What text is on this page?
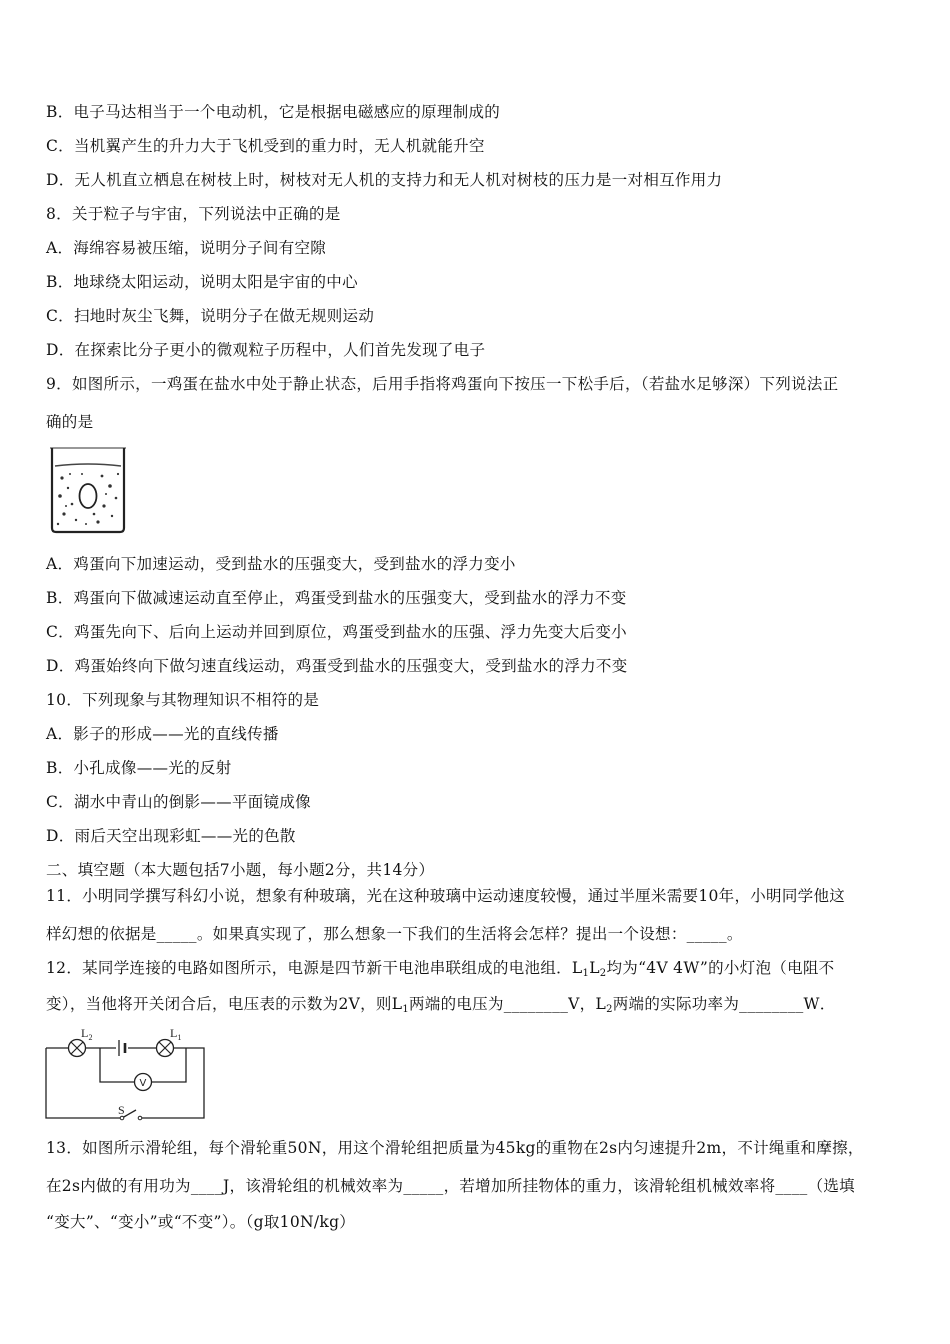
B．电子马达相当于一个电动机，它是根据电磁感应的原理制成的
C．当机翼产生的升力大于飞机受到的重力时，无人机就能升空
D．无人机直立栖息在树枝上时，树枝对无人机的支持力和无人机对树枝的压力是一对相互作用力
8．关于粒子与宇宙，下列说法中正确的是
A．海绵容易被压缩，说明分子间有空隙
B．地球绕太阳运动，说明太阳是宇宙的中心
C．扫地时灰尘飞舞，说明分子在做无规则运动
D．在探索比分子更小的微观粒子历程中，人们首先发现了电子
9．如图所示，一鸡蛋在盐水中处于静止状态，后用手指将鸡蛋向下按压一下松手后，（若盐水足够深）下列说法正
确的是
A．鸡蛋向下加速运动，受到盐水的压强变大，受到盐水的浮力变小
B．鸡蛋向下做减速运动直至停止，鸡蛋受到盐水的压强变大，受到盐水的浮力不变
C．鸡蛋先向下、后向上运动并回到原位，鸡蛋受到盐水的压强、浮力先变大后变小
D．鸡蛋始终向下做匀速直线运动，鸡蛋受到盐水的压强变大，受到盐水的浮力不变
10．下列现象与其物理知识不相符的是
A．影子的形成——光的直线传播
B．小孔成像——光的反射
C．湖水中青山的倒影——平面镜成像
D．雨后天空出现彩虹——光的色散
二、填空题（本大题包括7小题，每小题2分，共14分）
11．小明同学撰写科幻小说，想象有种玻璃，光在这种玻璃中运动速度较慢，通过半厘米需要10年，小明同学他这
样幻想的依据是_____。如果真实现了，那么想象一下我们的生活将会怎样？提出一个设想：_____。
12．某同学连接的电路如图所示，电源是四节新干电池串联组成的电池组．$L_1L_2$均为“4V 4W”的小灯泡（电阻不
变），当他将开关闭合后，电压表的示数为2V，则$L_1$两端的电压为________V，$L_2$两端的实际功率为________W．
V
L 2	L 1
S
13．如图所示滑轮组，每个滑轮重50N，用这个滑轮组把质量为45kg的重物在2s内匀速提升2m，不计绳重和摩擦，
在2s内做的有用功为____J，该滑轮组的机械效率为_____，若增加所挂物体的重力，该滑轮组机械效率将____（选填
“变大”、“变小”或“不变”）。（g取10N/kg）
